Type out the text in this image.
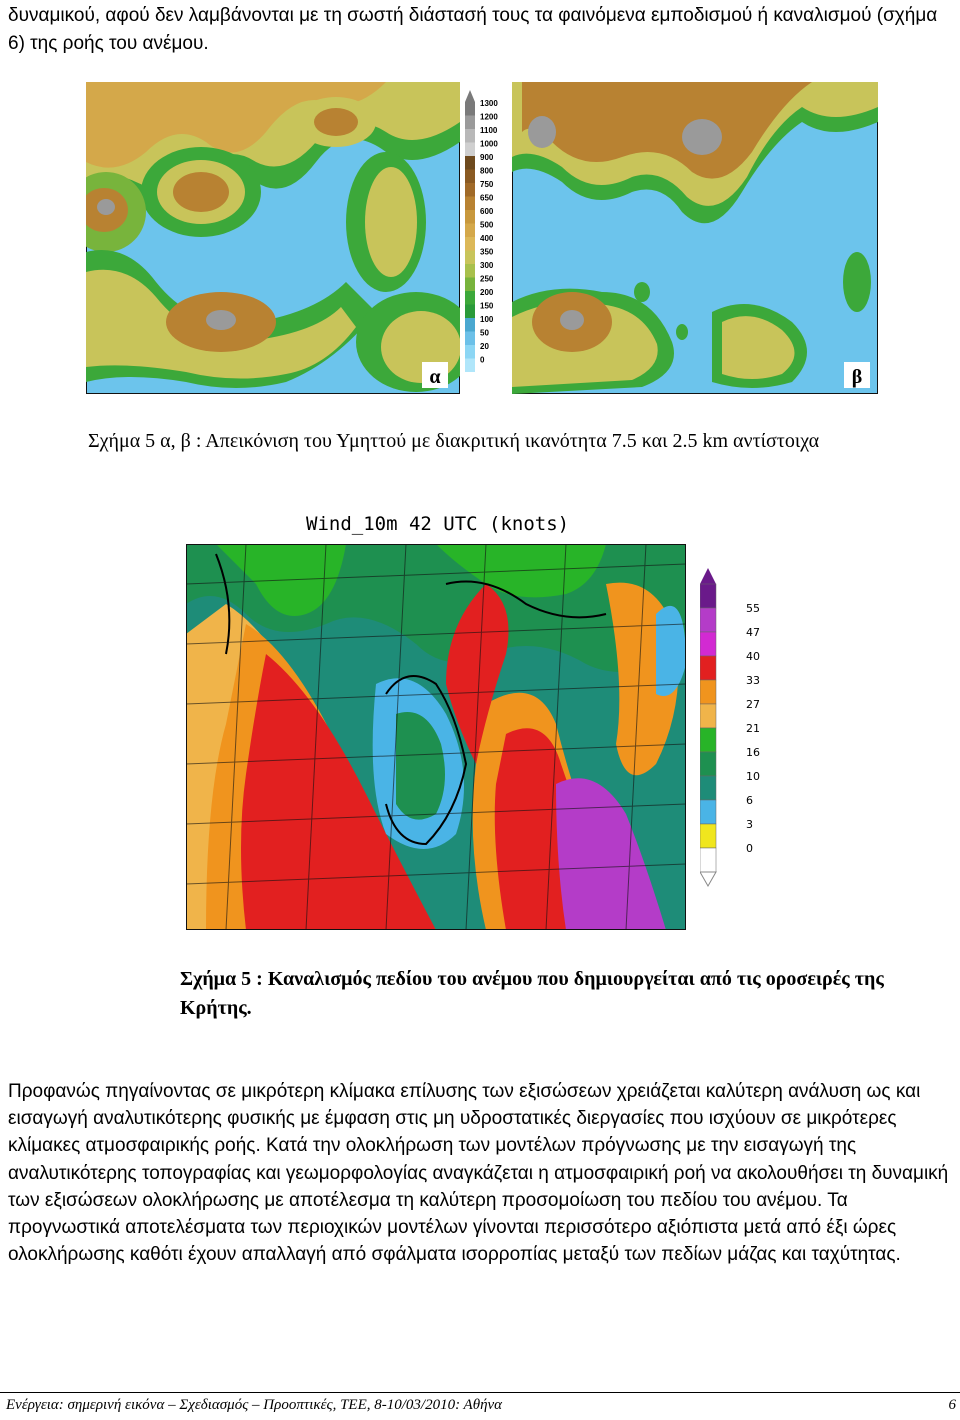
δυναμικού, αφού δεν λαμβάνονται με τη σωστή διάστασή τους τα φαινόμενα εμποδισμού ή καναλισμού (σχήμα 6) της ροής του ανέμου.

α
1300
1200
1100
1000
900
800
750
650
600
500
400
350
300
250
200
150
100
50
20
0
β

Σχήμα 5 α, β : Απεικόνιση του Υμηττού με διακριτική ικανότητα 7.5 και 2.5 km αντίστοιχα

Wind_10m 42 UTC (knots)
55
47
40
33
27
21
16
10
6
3
0

Σχήμα 5 : Καναλισμός πεδίου του ανέμου που δημιουργείται από τις οροσειρές της Κρήτης.

Προφανώς πηγαίνοντας σε μικρότερη κλίμακα επίλυσης των εξισώσεων χρειάζεται καλύτερη ανάλυση ως και εισαγωγή αναλυτικότερης φυσικής με έμφαση στις μη υδροστατικές διεργασίες που ισχύουν σε μικρότερες κλίμακες ατμοσφαιρικής ροής. Κατά την ολοκλήρωση των μοντέλων πρόγνωσης με την εισαγωγή της αναλυτικότερης τοπογραφίας και γεωμορφολογίας αναγκάζεται η ατμοσφαιρική ροή να ακολουθήσει τη δυναμική των εξισώσεων ολοκλήρωσης με αποτέλεσμα τη καλύτερη προσομοίωση του πεδίου του ανέμου. Τα προγνωστικά αποτελέσματα των περιοχικών μοντέλων γίνονται περισσότερο αξιόπιστα μετά από έξι ώρες ολοκλήρωσης καθότι έχουν απαλλαγή από σφάλματα ισορροπίας μεταξύ των πεδίων μάζας και ταχύτητας.

Ενέργεια: σημερινή εικόνα – Σχεδιασμός – Προοπτικές, ΤΕΕ, 8-10/03/2010: Αθήνα	6
